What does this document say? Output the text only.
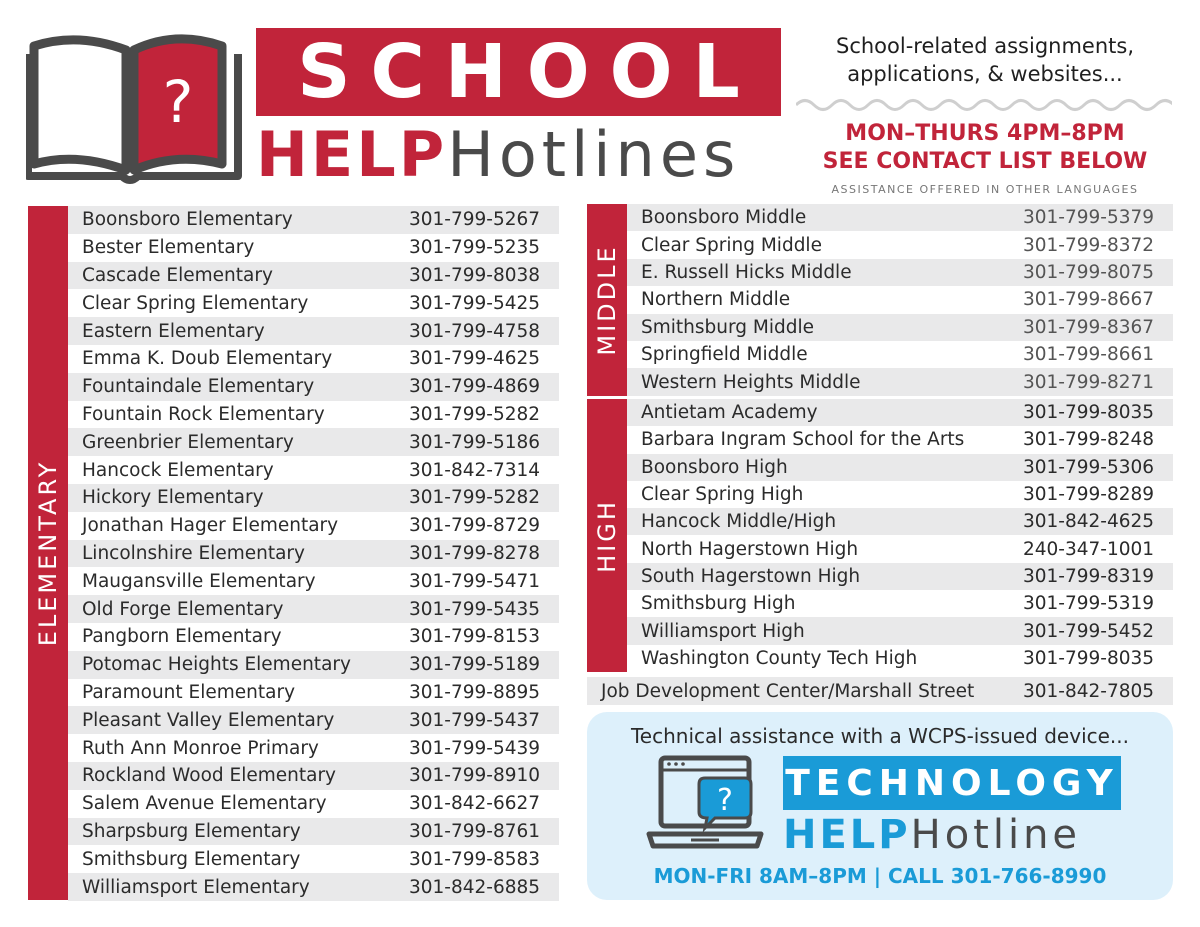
?	SCHOOL
HELPHotlines
School-related assignments,
applications, & websites...
MON–THURS 4PM–8PM
SEE CONTACT LIST BELOW
ASSISTANCE OFFERED IN OTHER LANGUAGES
ELEMENTARY
Boonsboro Elementary	301-799-5267
Bester Elementary	301-799-5235
Cascade Elementary	301-799-8038
Clear Spring Elementary	301-799-5425
Eastern Elementary	301-799-4758
Emma K. Doub Elementary	301-799-4625
Fountaindale Elementary	301-799-4869
Fountain Rock Elementary	301-799-5282
Greenbrier Elementary	301-799-5186
Hancock Elementary	301-842-7314
Hickory Elementary	301-799-5282
Jonathan Hager Elementary	301-799-8729
Lincolnshire Elementary	301-799-8278
Maugansville Elementary	301-799-5471
Old Forge Elementary	301-799-5435
Pangborn Elementary	301-799-8153
Potomac Heights Elementary	301-799-5189
Paramount Elementary	301-799-8895
Pleasant Valley Elementary	301-799-5437
Ruth Ann Monroe Primary	301-799-5439
Rockland Wood Elementary	301-799-8910
Salem Avenue Elementary	301-842-6627
Sharpsburg Elementary	301-799-8761
Smithsburg Elementary	301-799-8583
Williamsport Elementary	301-842-6885
MIDDLE
Boonsboro Middle	301-799-5379
Clear Spring Middle	301-799-8372
E. Russell Hicks Middle	301-799-8075
Northern Middle	301-799-8667
Smithsburg Middle	301-799-8367
Springfield Middle	301-799-8661
Western Heights Middle	301-799-8271
HIGH
Antietam Academy	301-799-8035
Barbara Ingram School for the Arts	301-799-8248
Boonsboro High	301-799-5306
Clear Spring High	301-799-8289
Hancock Middle/High	301-842-4625
North Hagerstown High	240-347-1001
South Hagerstown High	301-799-8319
Smithsburg High	301-799-5319
Williamsport High	301-799-5452
Washington County Tech High	301-799-8035
Job Development Center/Marshall Street	301-842-7805
Technical assistance with a WCPS-issued device...
? TECHNOLOGY
HELPHotline
MON-FRI 8AM–8PM | CALL 301-766-8990
